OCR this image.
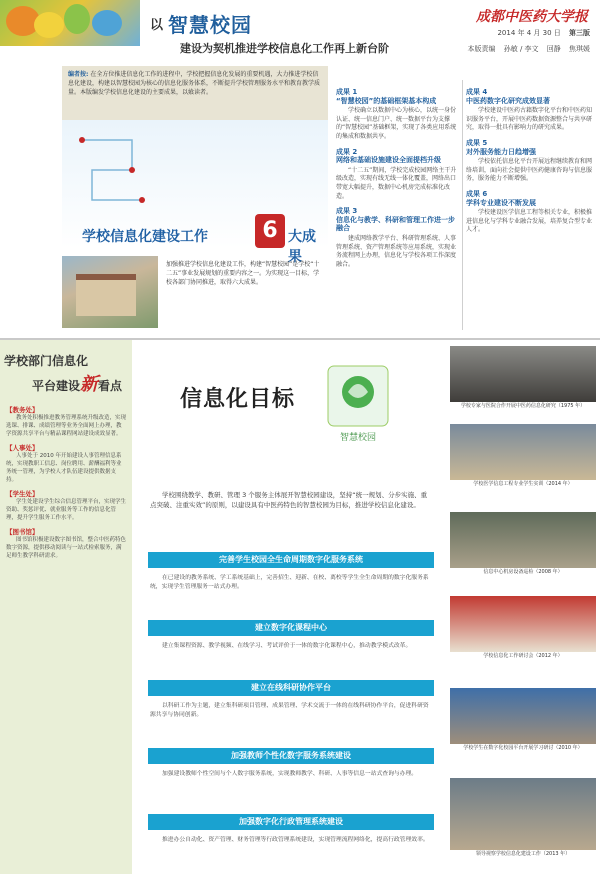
以 智慧校园
建设为契机推进学校信息化工作再上新台阶
成都中医药大学报
2014 年 4 月 30 日 第三版
本版责编 孙敏 / 李文 回静 焦琪媛
编者按: 在全方位推进信息化工作的进程中，学校把握信息化发展的重要机遇，大力推进学校信息化建设，构建以智慧校园为核心的信息化服务体系，不断提升学校管理服务水平和教育教学质量。本版编发学校信息化建设的主要成果，以飨读者。
学校信息化建设工作	6 大成果
加强推进学校信息化建设工作，构建“智慧校园”是学校“十二五”事业发展规划的重要内容之一。为实现这一目标，学校各部门协同推进，取得六大成果。
成果 1
“智慧校园”的基础框架基本构成
学校确立以数据中心为核心，以统一身份认证、统一信息门户、统一数据平台为支撑的“智慧校园”基础框架，实现了各类应用系统的集成和数据共享。
成果 2
网络和基础设施建设全面提档升级
“十二五”期间，学校完成校园网络主干升级改造，实现有线无线一体化覆盖，网络出口带宽大幅提升，数据中心机房完成标准化改造。
成果 3
信息化与教学、科研和管理工作进一步融合
建成网络教学平台、科研管理系统、人事管理系统、资产管理系统等应用系统，实现业务流程网上办理，信息化与学校各项工作深度融合。
成果 4
中医药数字化研究成效显著
学校建设中医药古籍数字化平台和中医药知识服务平台，开展中医药数据资源整合与共享研究，取得一批具有影响力的研究成果。
成果 5
对外服务能力日趋增强
学校依托信息化平台开展远程继续教育和网络培训，面向社会提供中医药健康咨询与信息服务，服务能力不断增强。
成果 6
学科专业建设不断发展
学校建设医学信息工程等相关专业，积极推进信息化与学科专业融合发展，培养复合型专业人才。
学校部门信息化
平台建设新看点
【教务处】
教务处积极推进教务管理系统升级改造，实现选课、排课、成绩管理等业务全面网上办理，教学资源共享平台与精品课程网站建设成效显著。
【人事处】
人事处于 2010 年开始建设人事管理信息系统，实现教职工信息、岗位聘用、薪酬福利等业务统一管理，为学校人才队伍建设提供数据支持。
【学生处】
学生处建设学生综合信息管理平台，实现学生资助、奖惩评优、就业服务等工作的信息化管理，提升学生服务工作水平。
【图书馆】
图书馆积极建设数字图书馆，整合中医药特色数字资源，提供移动阅读与一站式检索服务，满足师生教学科研需求。
信息化目标
智慧校园
学校围绕教学、教研、管理 3 个服务主体展开智慧校园建设，坚持“统一规划、分步实施、重点突破、注重实效”的原则，以建设具有中医药特色的智慧校园为目标，推进学校信息化建设。
完善学生校园全生命周期数字化服务系统
在已建设的教务系统、学工系统基础上，完善招生、迎新、在校、离校等学生全生命周期的数字化服务系统，实现学生管理服务一站式办理。
建立数字化课程中心
建立集课程资源、教学视频、在线学习、考试评价于一体的数字化课程中心，推动教学模式改革。
建立在线科研协作平台
以科研工作为主题，建立集科研项目管理、成果管理、学术交流于一体的在线科研协作平台，促进科研资源共享与协同创新。
加强教师个性化数字服务系统建设
加强建设教师个性空间与个人数字服务系统，实现教师教学、科研、人事等信息一站式查询与办理。
加强数字化行政管理系统建设
推进办公自动化、资产管理、财务管理等行政管理系统建设，实现管理流程网络化，提高行政管理效率。
学校专家与医院合作开展中医药信息化研究（1975 年）
学校医学信息工程专业学生实训（2014 年）
信息中心机房设备巡检（2008 年）
学校信息化工作研讨会（2012 年）
学校学生在数字化校园平台开展学习研讨（2010 年）
领导视察学校信息化建设工作（2013 年）
